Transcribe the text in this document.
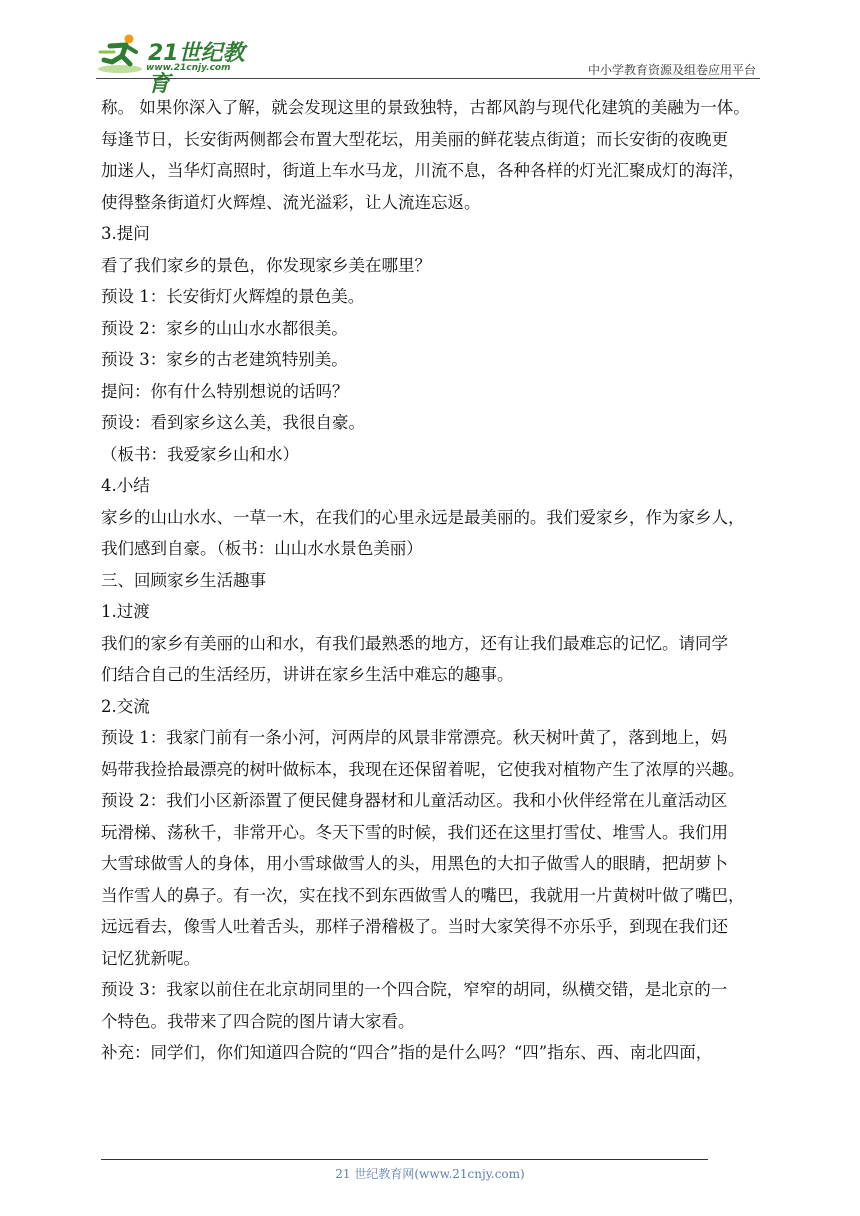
21世纪教育
www.21cnjy.com	中小学教育资源及组卷应用平台
称。 如果你深入了解，就会发现这里的景致独特，古都风韵与现代化建筑的美融为一体。
每逢节日，长安街两侧都会布置大型花坛，用美丽的鲜花装点街道；而长安街的夜晚更
加迷人，当华灯高照时，街道上车水马龙，川流不息，各种各样的灯光汇聚成灯的海洋，
使得整条街道灯火辉煌、流光溢彩，让人流连忘返。
3.提问
看了我们家乡的景色，你发现家乡美在哪里？
预设 1：长安街灯火辉煌的景色美。
预设 2：家乡的山山水水都很美。
预设 3：家乡的古老建筑特别美。
提问：你有什么特别想说的话吗？
预设：看到家乡这么美，我很自豪。
（板书：我爱家乡山和水）
4.小结
家乡的山山水水、一草一木，在我们的心里永远是最美丽的。我们爱家乡，作为家乡人，
我们感到自豪。（板书：山山水水景色美丽）
三、回顾家乡生活趣事
1.过渡
我们的家乡有美丽的山和水，有我们最熟悉的地方，还有让我们最难忘的记忆。请同学
们结合自己的生活经历，讲讲在家乡生活中难忘的趣事。
2.交流
预设 1：我家门前有一条小河，河两岸的风景非常漂亮。秋天树叶黄了，落到地上，妈
妈带我捡拾最漂亮的树叶做标本，我现在还保留着呢，它使我对植物产生了浓厚的兴趣。
预设 2：我们小区新添置了便民健身器材和儿童活动区。我和小伙伴经常在儿童活动区
玩滑梯、荡秋千，非常开心。冬天下雪的时候，我们还在这里打雪仗、堆雪人。我们用
大雪球做雪人的身体，用小雪球做雪人的头，用黑色的大扣子做雪人的眼睛，把胡萝卜
当作雪人的鼻子。有一次，实在找不到东西做雪人的嘴巴，我就用一片黄树叶做了嘴巴，
远远看去，像雪人吐着舌头，那样子滑稽极了。当时大家笑得不亦乐乎，到现在我们还
记忆犹新呢。
预设 3：我家以前住在北京胡同里的一个四合院，窄窄的胡同，纵横交错，是北京的一
个特色。我带来了四合院的图片请大家看。
补充：同学们，你们知道四合院的“四合”指的是什么吗？“四”指东、西、南北四面，
21 世纪教育网(www.21cnjy.com)
